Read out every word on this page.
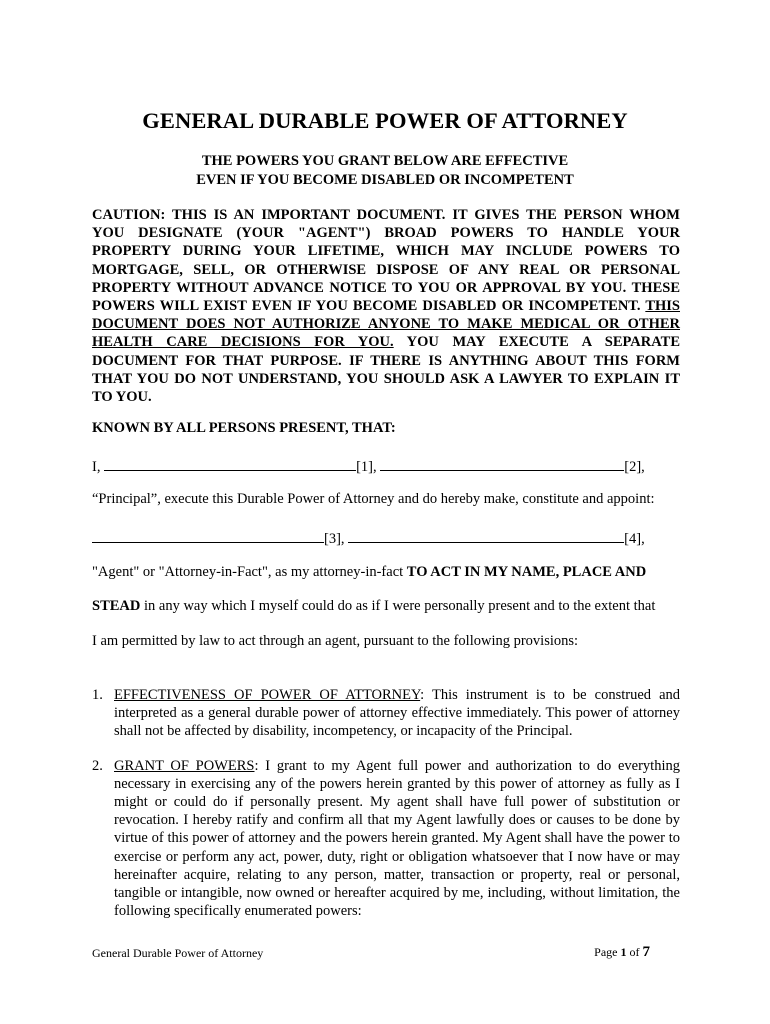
GENERAL DURABLE POWER OF ATTORNEY
THE POWERS YOU GRANT BELOW ARE EFFECTIVE
EVEN IF YOU BECOME DISABLED OR INCOMPETENT
CAUTION: THIS IS AN IMPORTANT DOCUMENT. IT GIVES THE PERSON WHOM YOU DESIGNATE (YOUR "AGENT") BROAD POWERS TO HANDLE YOUR PROPERTY DURING YOUR LIFETIME, WHICH MAY INCLUDE POWERS TO MORTGAGE, SELL, OR OTHERWISE DISPOSE OF ANY REAL OR PERSONAL PROPERTY WITHOUT ADVANCE NOTICE TO YOU OR APPROVAL BY YOU. THESE POWERS WILL EXIST EVEN IF YOU BECOME DISABLED OR INCOMPETENT. THIS DOCUMENT DOES NOT AUTHORIZE ANYONE TO MAKE MEDICAL OR OTHER HEALTH CARE DECISIONS FOR YOU. YOU MAY EXECUTE A SEPARATE DOCUMENT FOR THAT PURPOSE. IF THERE IS ANYTHING ABOUT THIS FORM THAT YOU DO NOT UNDERSTAND, YOU SHOULD ASK A LAWYER TO EXPLAIN IT TO YOU.
KNOWN BY ALL PERSONS PRESENT, THAT:
I,	[1],	[2],
“Principal”, execute this Durable Power of Attorney and do hereby make, constitute and appoint:
[3],	[4],
"Agent" or "Attorney-in-Fact", as my attorney-in-fact TO ACT IN MY NAME, PLACE AND
STEAD in any way which I myself could do as if I were personally present and to the extent that
I am permitted by law to act through an agent, pursuant to the following provisions:
1. EFFECTIVENESS OF POWER OF ATTORNEY: This instrument is to be construed and interpreted as a general durable power of attorney effective immediately. This power of attorney shall not be affected by disability, incompetency, or incapacity of the Principal.
2. GRANT OF POWERS: I grant to my Agent full power and authorization to do everything necessary in exercising any of the powers herein granted by this power of attorney as fully as I might or could do if personally present. My agent shall have full power of substitution or revocation. I hereby ratify and confirm all that my Agent lawfully does or causes to be done by virtue of this power of attorney and the powers herein granted. My Agent shall have the power to exercise or perform any act, power, duty, right or obligation whatsoever that I now have or may hereinafter acquire, relating to any person, matter, transaction or property, real or personal, tangible or intangible, now owned or hereafter acquired by me, including, without limitation, the following specifically enumerated powers:
General Durable Power of Attorney	Page 1 of 7
